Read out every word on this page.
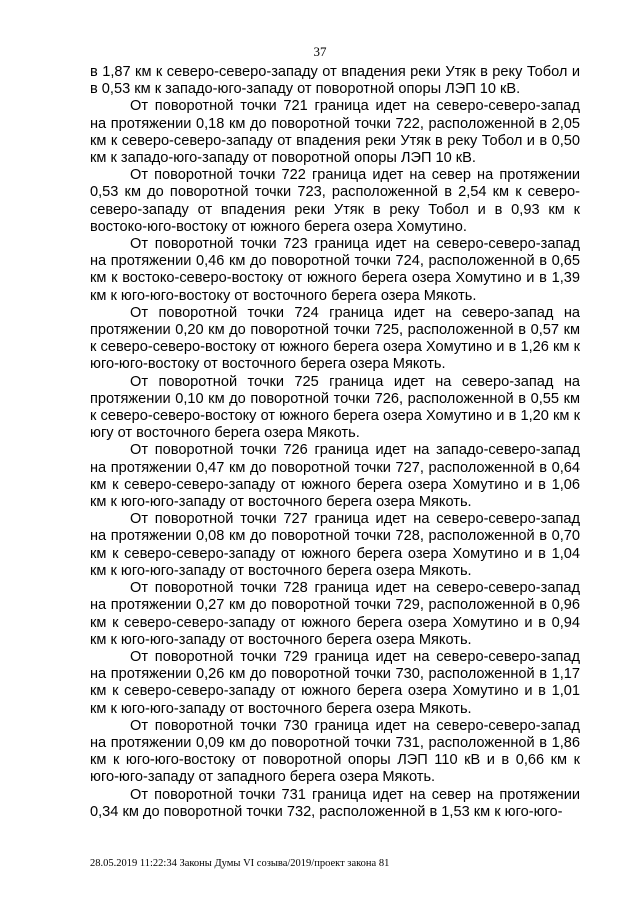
37

в 1,87 км к северо-северо-западу от впадения реки Утяк в реку Тобол и в 0,53 км к западо-юго-западу от поворотной опоры ЛЭП 10 кВ.

От поворотной точки 721 граница идет на северо-северо-запад на протяжении 0,18 км до поворотной точки 722, расположенной в 2,05 км к северо-северо-западу от впадения реки Утяк в реку Тобол и в 0,50 км к западо-юго-западу от поворотной опоры ЛЭП 10 кВ.

От поворотной точки 722 граница идет на север на протяжении 0,53 км до поворотной точки 723, расположенной в 2,54 км к северо-северо-западу от впадения реки Утяк в реку Тобол и в 0,93 км к востоко-юго-востоку от южного берега озера Хомутино.

От поворотной точки 723 граница идет на северо-северо-запад на протяжении 0,46 км до поворотной точки 724, расположенной в 0,65 км к востоко-северо-востоку от южного берега озера Хомутино и в 1,39 км к юго-юго-востоку от восточного берега озера Мякоть.

От поворотной точки 724 граница идет на северо-запад на протяжении 0,20 км до поворотной точки 725, расположенной в 0,57 км к северо-северо-востоку от южного берега озера Хомутино и в 1,26 км к юго-юго-востоку от восточного берега озера Мякоть.

От поворотной точки 725 граница идет на северо-запад на протяжении 0,10 км до поворотной точки 726, расположенной в 0,55 км к северо-северо-востоку от южного берега озера Хомутино и в 1,20 км к югу от восточного берега озера Мякоть.

От поворотной точки 726 граница идет на западо-северо-запад на протяжении 0,47 км до поворотной точки 727, расположенной в 0,64 км к северо-северо-западу от южного берега озера Хомутино и в 1,06 км к юго-юго-западу от восточного берега озера Мякоть.

От поворотной точки 727 граница идет на северо-северо-запад на протяжении 0,08 км до поворотной точки 728, расположенной в 0,70 км к северо-северо-западу от южного берега озера Хомутино и в 1,04 км к юго-юго-западу от восточного берега озера Мякоть.

От поворотной точки 728 граница идет на северо-северо-запад на протяжении 0,27 км до поворотной точки 729, расположенной в 0,96 км к северо-северо-западу от южного берега озера Хомутино и в 0,94 км к юго-юго-западу от восточного берега озера Мякоть.

От поворотной точки 729 граница идет на северо-северо-запад на протяжении 0,26 км до поворотной точки 730, расположенной в 1,17 км к северо-северо-западу от южного берега озера Хомутино и в 1,01 км к юго-юго-западу от восточного берега озера Мякоть.

От поворотной точки 730 граница идет на северо-северо-запад на протяжении 0,09 км до поворотной точки 731, расположенной в 1,86 км к юго-юго-востоку от поворотной опоры ЛЭП 110 кВ и в 0,66 км к юго-юго-западу от западного берега озера Мякоть.

От поворотной точки 731 граница идет на север на протяжении 0,34 км до поворотной точки 732, расположенной в 1,53 км к юго-юго-

28.05.2019 11:22:34 Законы Думы VI созыва/2019/проект закона 81
